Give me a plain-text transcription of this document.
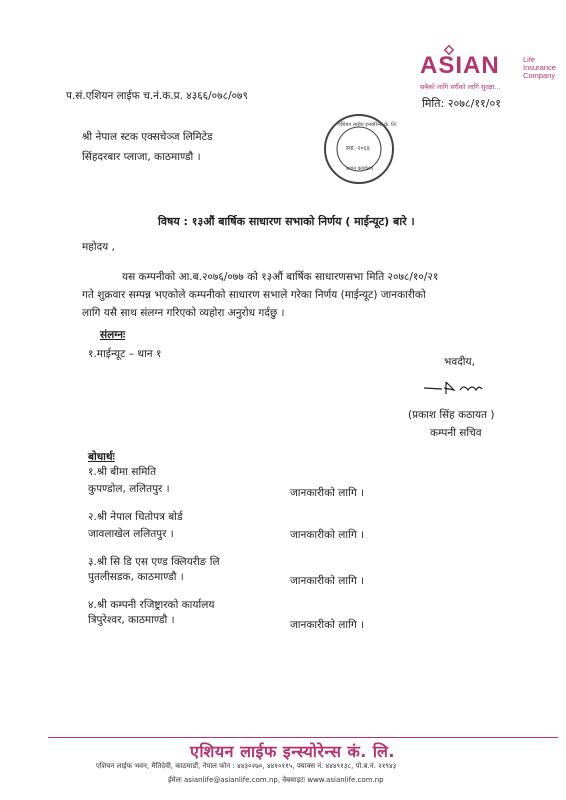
ASIAN	Life Insurance Company
सबैको लागि सधैंको लागि सुरक्षा...
प.सं.एशियन लाईफ च.नं.क.प्र. ४३६६/०७८/०७९
मिति: २०७८/११/०१
श्री नेपाल स्टक एक्सचेञ्ज लिमिटेड
सिंहदरबार प्लाजा, काठमाण्डौ ।
एशियन लाईफ इन्स्योरेन्स कं. लि.
स्था. २०६४
प्रधान कार्यालय
विषय : १३औं बार्षिक साधारण सभाको निर्णय ( माईन्यूट) बारे ।
महोदय ,
यस कम्पनीको आ.ब.२०७६/०७७ को १३औं बार्षिक साधारणसभा मिति २०७८/१०/२१
गते शुक्रवार सम्पन्न भएकोले कम्पनीको साधारण सभाले गरेका निर्णय (माईन्यूट) जानकारीको
लागि यसै साथ संलग्न गरिएको व्यहोरा अनुरोध गर्दछु ।
संलग्नः
१.माईन्यूट – थान १
भवदीय,
(प्रकाश सिंह कठायत )
कम्पनी सचिव
बोधार्थः
१.श्री बीमा समिति
कुपण्डोल, ललितपुर ।	जानकारीको लागि ।
२.श्री नेपाल धितोपत्र बोर्ड
जावलाखेल ललितपुर ।	जानकारीको लागि ।
३.श्री सि डि एस एण्ड क्लियरीङ लि
पुतलीसडक, काठमाण्डौ ।	जानकारीको लागि ।
४.श्री कम्पनी रजिष्ट्रारको कार्यालय
त्रिपुरेश्वर, काठमाण्डौ ।	जानकारीको लागि ।
एशियन लाईफ इन्स्योरेन्स कं. लि.
एशियन लाईफ भवन, मैतिदेवी, काठमाडौं, नेपाल फोन : ४४३०२७०, ४४१०११५, फ्याक्स नं. ४४४९१३८, पो.ब.नं. २१९४३
ईमेलः asianlife@asianlife.com.np, वेबसाइटः www.asianlife.com.np
